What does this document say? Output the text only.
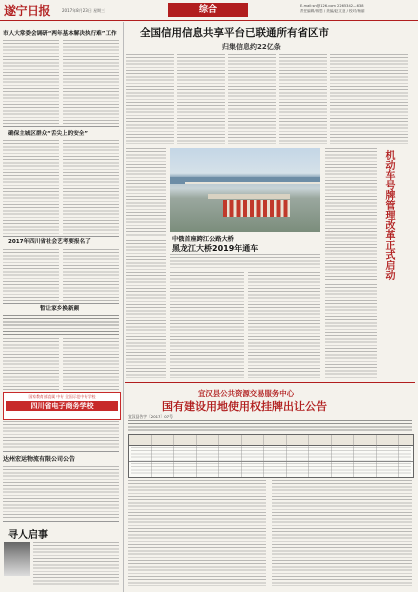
遂宁日报	2017年8月23日 星期三	综合	E-mail:sn@126.com 2265342—638
责任编辑/蒋思 / 美编/赵文亚 / 校对/杨丽
市人大常委会调研“两年基本解决执行难”工作
确保主城区群众“舌尖上的安全”
2017年四川省社会艺考要报名了
暂让家乡换新颜
国家教育部直属 中专 全国示范中专学校
四川省电子商务学校
达州宏运物流有限公司公告
寻人启事
全国信用信息共享平台已联通所有省区市
归集信息约22亿条
中俄首座跨江公路大桥
黑龙江大桥2019年通车	机动车号牌管理改革正式启动
宜汉县公共资源交易服务中心
国有建设用地使用权挂牌出让公告
宜汉县告字〔2017〕07号
